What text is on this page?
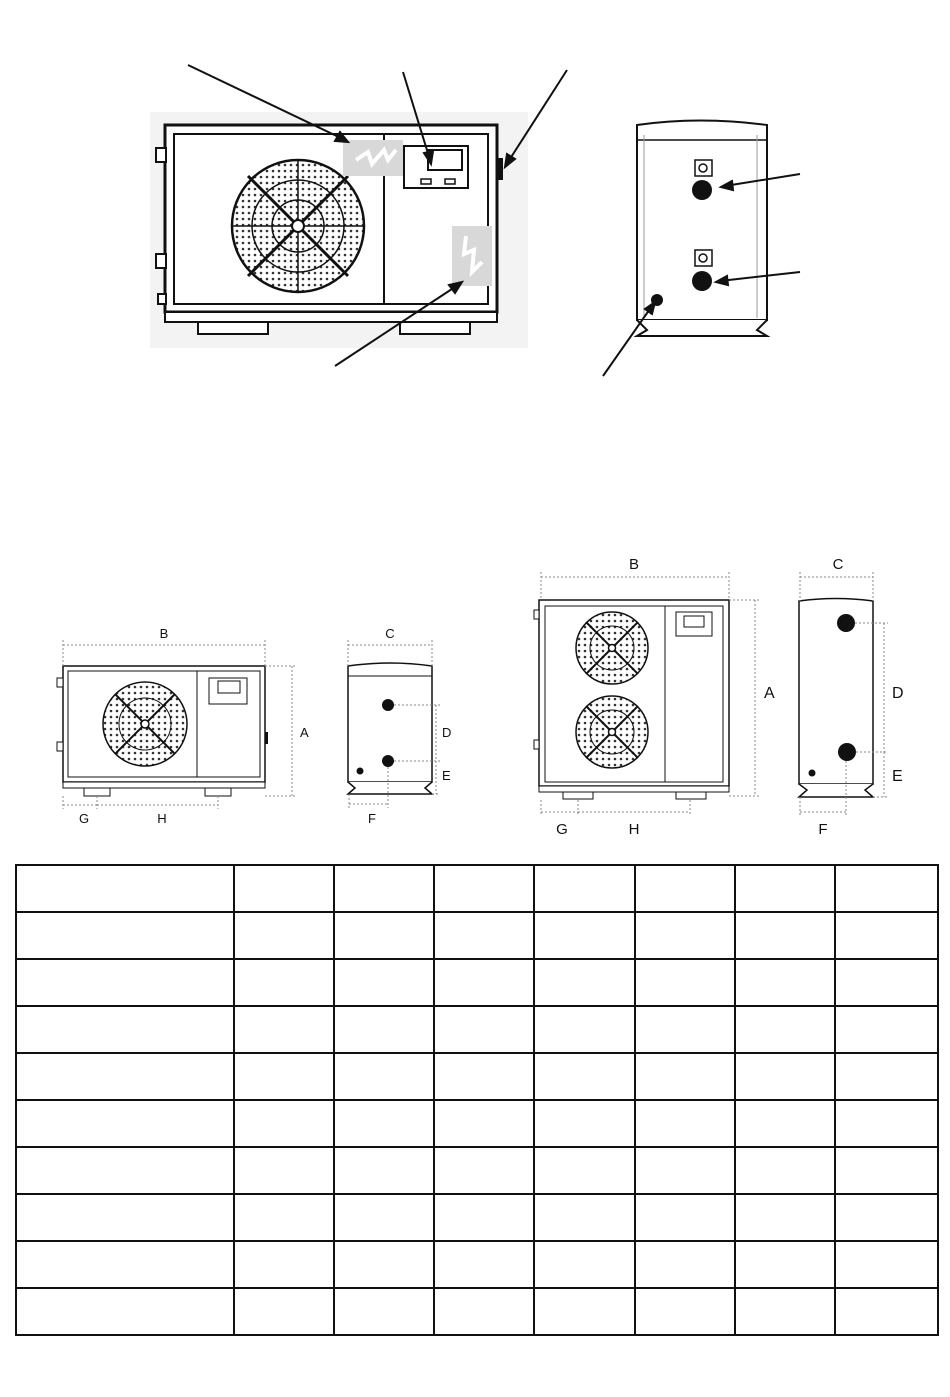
B
A
C
D
E
F
G	H
B
A
C
D
E
F
G	H
